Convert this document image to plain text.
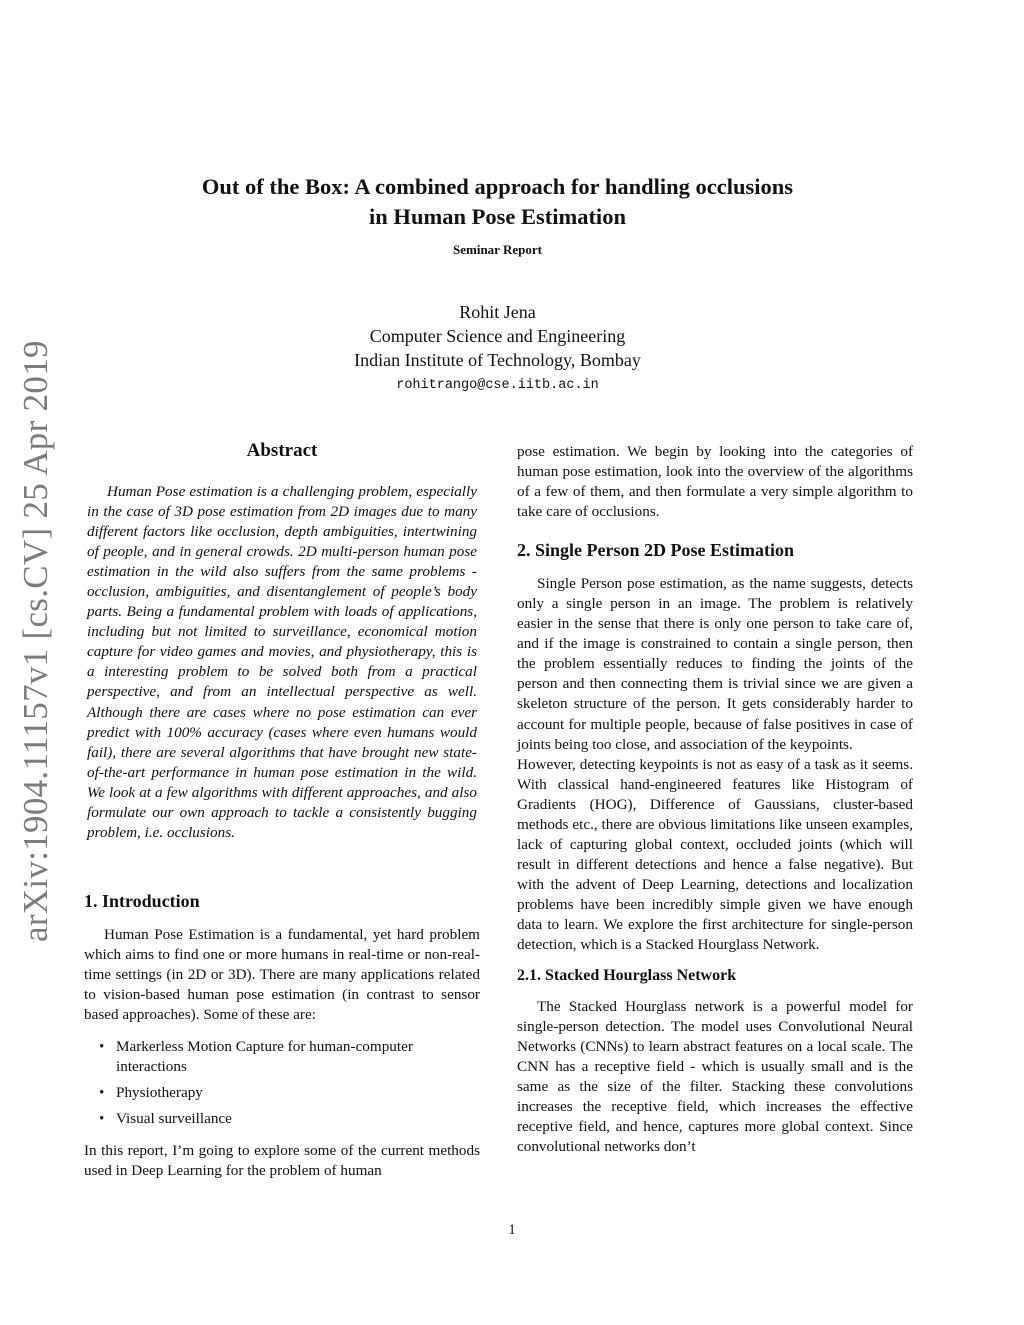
arXiv:1904.11157v1 [cs.CV] 25 Apr 2019
Out of the Box: A combined approach for handling occlusions
in Human Pose Estimation
Seminar Report
Rohit Jena
Computer Science and Engineering
Indian Institute of Technology, Bombay
rohitrango@cse.iitb.ac.in
Abstract

Human Pose estimation is a challenging problem, especially in the case of 3D pose estimation from 2D images due to many different factors like occlusion, depth ambiguities, intertwining of people, and in general crowds. 2D multi-person human pose estimation in the wild also suffers from the same problems - occlusion, ambiguities, and disentanglement of people’s body parts. Being a fundamental problem with loads of applications, including but not limited to surveillance, economical motion capture for video games and movies, and physiotherapy, this is a interesting problem to be solved both from a practical perspective, and from an intellectual perspective as well. Although there are cases where no pose estimation can ever predict with 100% accuracy (cases where even humans would fail), there are several algorithms that have brought new state-of-the-art performance in human pose estimation in the wild. We look at a few algorithms with different approaches, and also formulate our own approach to tackle a consistently bugging problem, i.e. occlusions.

1. Introduction

Human Pose Estimation is a fundamental, yet hard problem which aims to find one or more humans in real-time or non-real-time settings (in 2D or 3D). There are many applications related to vision-based human pose estimation (in contrast to sensor based approaches). Some of these are:

• Markerless Motion Capture for human-computer interactions
• Physiotherapy
• Visual surveillance

In this report, I’m going to explore some of the current methods used in Deep Learning for the problem of human

pose estimation. We begin by looking into the categories of human pose estimation, look into the overview of the algorithms of a few of them, and then formulate a very simple algorithm to take care of occlusions.

2. Single Person 2D Pose Estimation

Single Person pose estimation, as the name suggests, detects only a single person in an image. The problem is relatively easier in the sense that there is only one person to take care of, and if the image is constrained to contain a single person, then the problem essentially reduces to finding the joints of the person and then connecting them is trivial since we are given a skeleton structure of the person. It gets considerably harder to account for multiple people, because of false positives in case of joints being too close, and association of the keypoints.

However, detecting keypoints is not as easy of a task as it seems. With classical hand-engineered features like Histogram of Gradients (HOG), Difference of Gaussians, cluster-based methods etc., there are obvious limitations like unseen examples, lack of capturing global context, occluded joints (which will result in different detections and hence a false negative). But with the advent of Deep Learning, detections and localization problems have been incredibly simple given we have enough data to learn. We explore the first architecture for single-person detection, which is a Stacked Hourglass Network.

2.1. Stacked Hourglass Network

The Stacked Hourglass network is a powerful model for single-person detection. The model uses Convolutional Neural Networks (CNNs) to learn abstract features on a local scale. The CNN has a receptive field - which is usually small and is the same as the size of the filter. Stacking these convolutions increases the receptive field, which increases the effective receptive field, and hence, captures more global context. Since convolutional networks don’t

1
